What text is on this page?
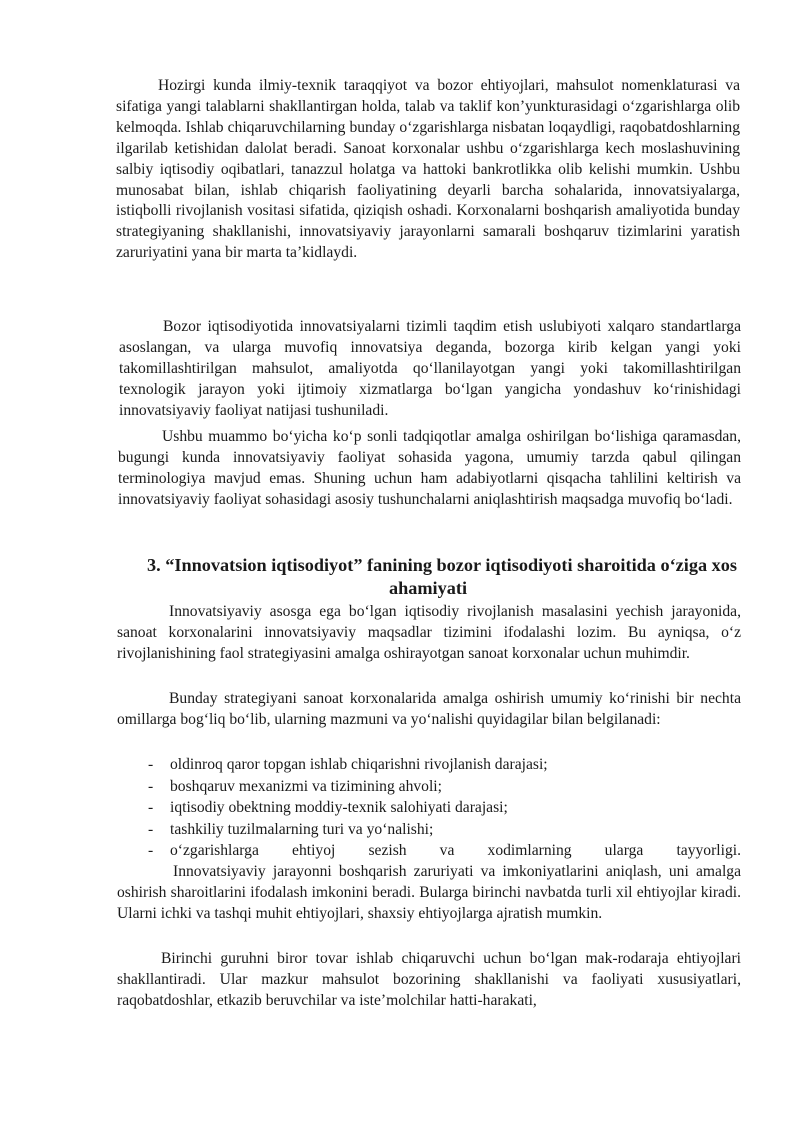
Hozirgi kunda ilmiy-texnik taraqqiyot va bozor ehtiyojlari, mahsulot nomenklaturasi va sifatiga yangi talablarni shakllantirgan holda, talab va taklif kon’yunkturasidagi oʻzgarishlarga olib kelmoqda. Ishlab chiqaruvchilarning bunday oʻzgarishlarga nisbatan loqaydligi, raqobatdoshlarning ilgarilab ketishidan dalolat beradi. Sanoat korxonalar ushbu oʻzgarishlarga kech moslashuvining salbiy iqtisodiy oqibatlari, tanazzul holatga va hattoki bankrotlikka olib kelishi mumkin. Ushbu munosabat bilan, ishlab chiqarish faoliyatining deyarli barcha sohalarida, innovatsiyalarga, istiqbolli rivojlanish vositasi sifatida, qiziqish oshadi. Korxonalarni boshqarish amaliyotida bunday strategiyaning shakllanishi, innovatsiyaviy jarayonlarni samarali boshqaruv tizimlarini yaratish zaruriyatini yana bir marta ta’kidlaydi.

Bozor iqtisodiyotida innovatsiyalarni tizimli taqdim etish uslubiyoti xalqaro standartlarga asoslangan, va ularga muvofiq innovatsiya deganda, bozorga kirib kelgan yangi yoki takomillashtirilgan mahsulot, amaliyotda qoʻllanilayotgan yangi yoki takomillashtirilgan texnologik jarayon yoki ijtimoiy xizmatlarga boʻlgan yangicha yondashuv koʻrinishidagi innovatsiyaviy faoliyat natijasi tushuniladi.

Ushbu muammo boʻyicha koʻp sonli tadqiqotlar amalga oshirilgan boʻlishiga qaramasdan, bugungi kunda innovatsiyaviy faoliyat sohasida yagona, umumiy tarzda qabul qilingan terminologiya mavjud emas. Shuning uchun ham adabiyotlarni qisqacha tahlilini keltirish va innovatsiyaviy faoliyat sohasidagi asosiy tushunchalarni aniqlashtirish maqsadga muvofiq boʻladi.

3. “Innovatsion iqtisodiyot” fanining bozor iqtisodiyoti sharoitida oʻziga xos ahamiyati

Innovatsiyaviy asosga ega boʻlgan iqtisodiy rivojlanish masalasini yechish jarayonida, sanoat korxonalarini innovatsiyaviy maqsadlar tizimini ifodalashi lozim. Bu ayniqsa, oʻz rivojlanishining faol strategiyasini amalga oshirayotgan sanoat korxonalar uchun muhimdir.

Bunday strategiyani sanoat korxonalarida amalga oshirish umumiy koʻrinishi bir nechta omillarga bogʻliq boʻlib, ularning mazmuni va yoʻnalishi quyidagilar bilan belgilanadi:

- oldinroq qaror topgan ishlab chiqarishni rivojlanish darajasi;
- boshqaruv mexanizmi va tizimining ahvoli;
- iqtisodiy obektning moddiy-texnik salohiyati darajasi;
- tashkiliy tuzilmalarning turi va yoʻnalishi;
- oʻzgarishlarga ehtiyoj sezish va xodimlarning ularga tayyorligi.

Innovatsiyaviy jarayonni boshqarish zaruriyati va imkoniyatlarini aniqlash, uni amalga oshirish sharoitlarini ifodalash imkonini beradi. Bularga birinchi navbatda turli xil ehtiyojlar kiradi. Ularni ichki va tashqi muhit ehtiyojlari, shaxsiy ehtiyojlarga ajratish mumkin.

Birinchi guruhni biror tovar ishlab chiqaruvchi uchun boʻlgan mak-rodaraja ehtiyojlari shakllantiradi. Ular mazkur mahsulot bozorining shakllanishi va faoliyati xususiyatlari, raqobatdoshlar, etkazib beruvchilar va iste’molchilar hatti-harakati,
